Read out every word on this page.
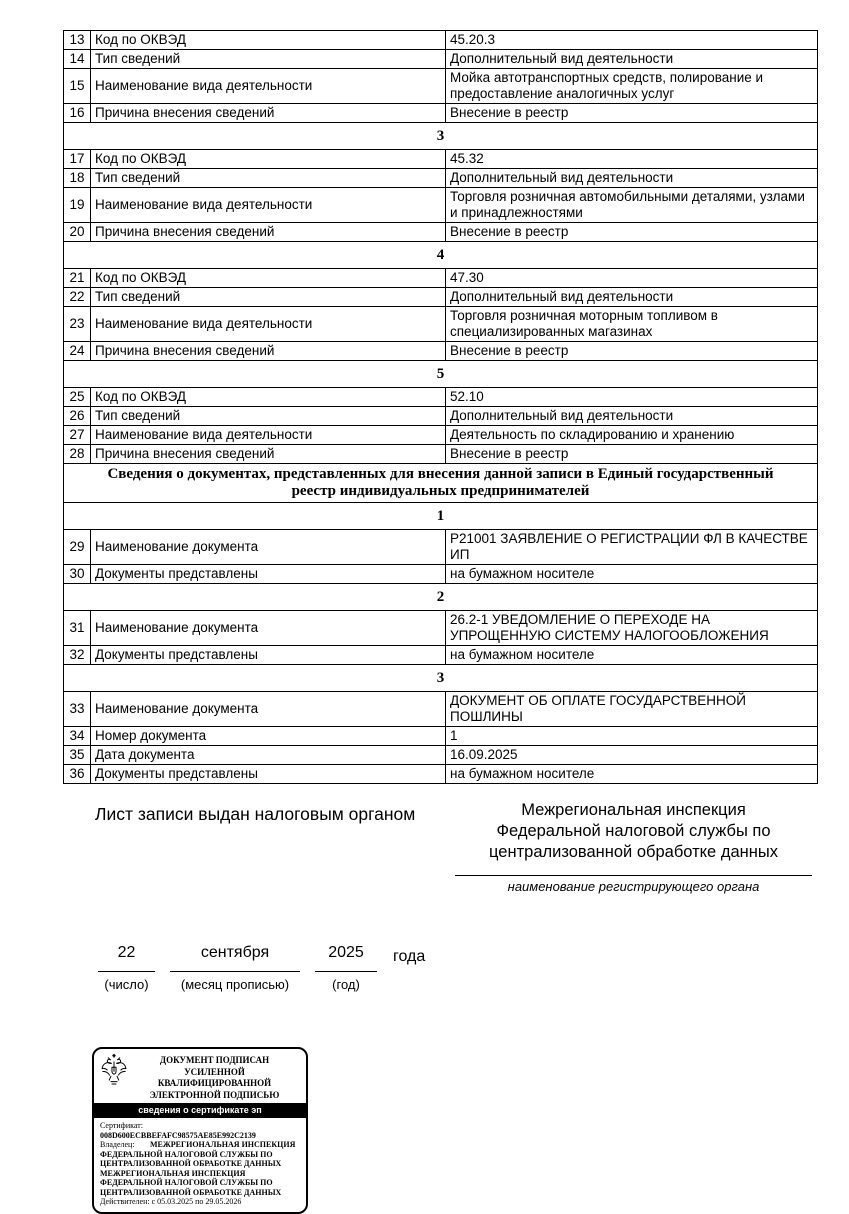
13	Код по ОКВЭД	45.20.3
14	Тип сведений	Дополнительный вид деятельности
15	Наименование вида деятельности	Мойка автотранспортных средств, полирование и предоставление аналогичных услуг
16	Причина внесения сведений	Внесение в реестр
3		
17	Код по ОКВЭД	45.32
18	Тип сведений	Дополнительный вид деятельности
19	Наименование вида деятельности	Торговля розничная автомобильными деталями, узлами и принадлежностями
20	Причина внесения сведений	Внесение в реестр
4		
21	Код по ОКВЭД	47.30
22	Тип сведений	Дополнительный вид деятельности
23	Наименование вида деятельности	Торговля розничная моторным топливом в специализированных магазинах
24	Причина внесения сведений	Внесение в реестр
5		
25	Код по ОКВЭД	52.10
26	Тип сведений	Дополнительный вид деятельности
27	Наименование вида деятельности	Деятельность по складированию и хранению
28	Причина внесения сведений	Внесение в реестр
Сведения о документах, представленных для внесения данной записи в Единый государственный реестр индивидуальных предпринимателей		
1		
29	Наименование документа	Р21001 ЗАЯВЛЕНИЕ О РЕГИСТРАЦИИ ФЛ В КАЧЕСТВЕ ИП
30	Документы представлены	на бумажном носителе
2		
31	Наименование документа	26.2-1 УВЕДОМЛЕНИЕ О ПЕРЕХОДЕ НА УПРОЩЕННУЮ СИСТЕМУ НАЛОГООБЛОЖЕНИЯ
32	Документы представлены	на бумажном носителе
3		
33	Наименование документа	ДОКУМЕНТ ОБ ОПЛАТЕ ГОСУДАРСТВЕННОЙ ПОШЛИНЫ
34	Номер документа	1
35	Дата документа	16.09.2025
36	Документы представлены	на бумажном носителе
Лист записи выдан налоговым органом	Межрегиональная инспекция Федеральной налоговой службы по централизованной обработке данных
наименование регистрирующего органа
22
(число)
сентября
(месяц прописью)
2025
(год)
года
ДОКУМЕНТ ПОДПИСАН
УСИЛЕННОЙ КВАЛИФИЦИРОВАННОЙ
ЭЛЕКТРОННОЙ ПОДПИСЬЮ
сведения о сертификате эп

Сертификат:008D600ECBBEFAFC98575AE85E992C2139

Владелец: МЕЖРЕГИОНАЛЬНАЯ ИНСПЕКЦИЯ ФЕДЕРАЛЬНОЙ НАЛОГОВОЙ СЛУЖБЫ ПО ЦЕНТРАЛИЗОВАННОЙ ОБРАБОТКЕ ДАННЫХ МЕЖРЕГИОНАЛЬНАЯ ИНСПЕКЦИЯ ФЕДЕРАЛЬНОЙ НАЛОГОВОЙ СЛУЖБЫ ПО ЦЕНТРАЛИЗОВАННОЙ ОБРАБОТКЕ ДАННЫХ

Действителен: с 05.03.2025 по 29.05.2026
